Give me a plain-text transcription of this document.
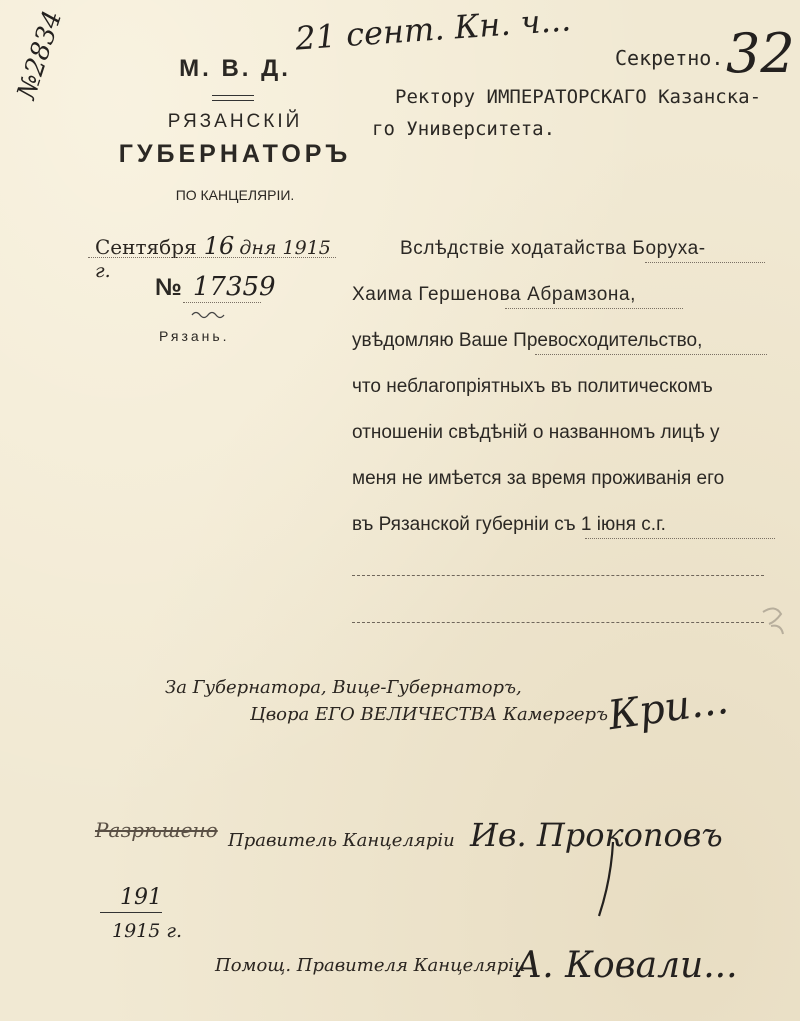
№2834	21 сент. Кн. ч...
Секретно. 32
М. В. Д.
РЯЗАНСКІЙ
ГУБЕРНАТОРЪ
ПО КАНЦЕЛЯРІИ.
Сентября 16 дня 1915 г.
№ 17359
Рязань.
Ректору ИМПЕРАТОРСКАГО Казанска-
го Университета.
Вслѣдствіе ходатайства Боруха-
Хаима Гершенова Абрамзона,
увѣдомляю Ваше Превосходительство,
что неблагопріятныхъ въ политическомъ
отношеніи свѣдѣній о названномъ лицѣ у
меня не имѣется за время проживанія его
въ Рязанской губерніи съ 1 іюня с.г.
За Губернатора, Вице-Губернаторъ,
Цвора ЕГО ВЕЛИЧЕСТВА Камергеръ
Кри...
Разрѣшено Правитель Канцеляріи Ив. Прокоповъ
191
1915 г.
Помощ. Правителя Канцеляріи
А. Ковали...
